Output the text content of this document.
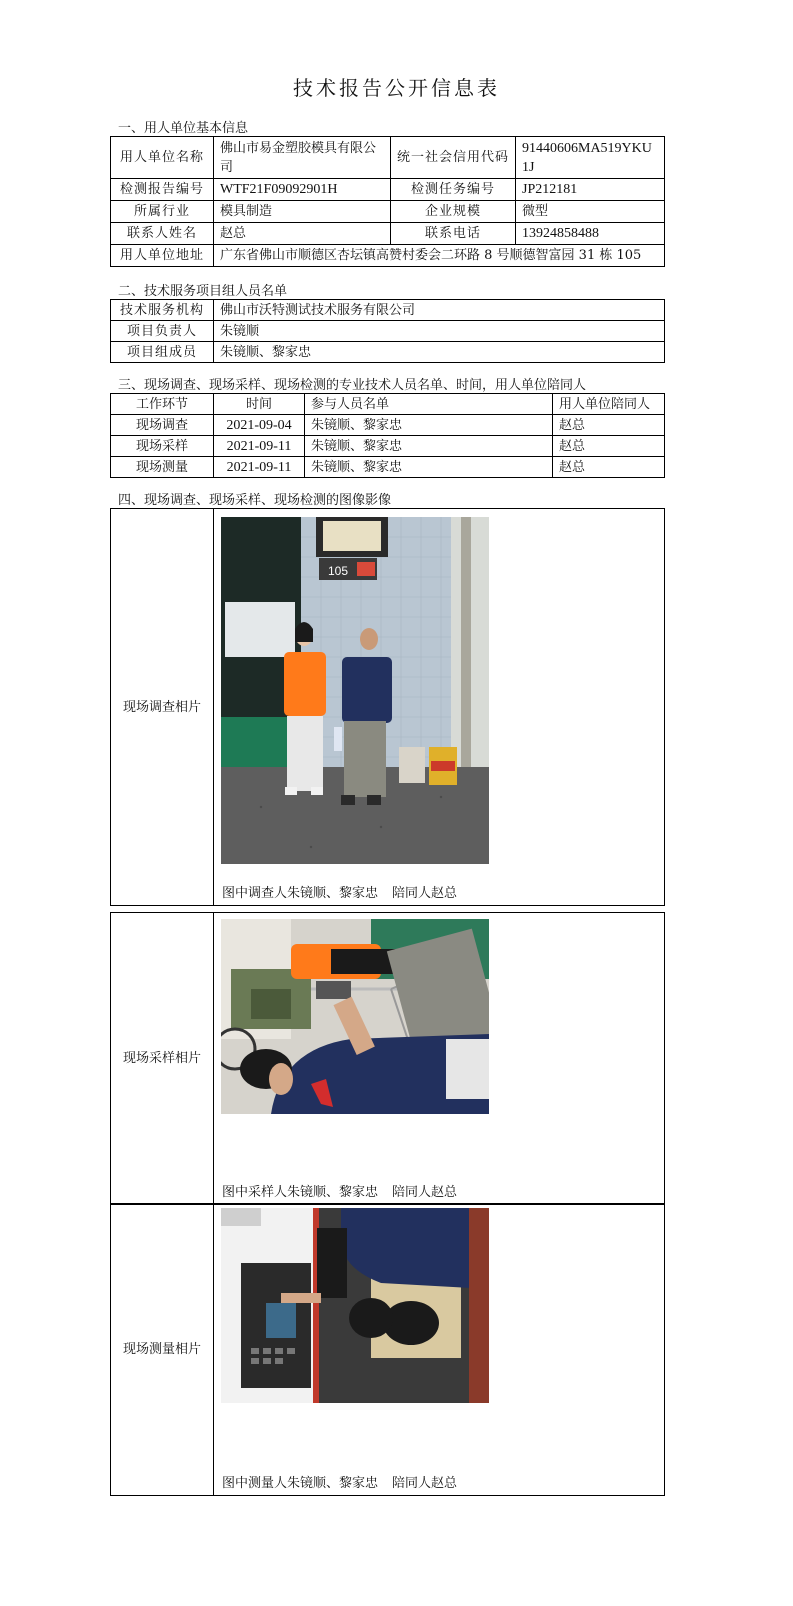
技术报告公开信息表
一、用人单位基本信息
用人单位名称	佛山市易金塑胶模具有限公司	统一社会信用代码	91440606MA519YKU1J
检测报告编号	WTF21F09092901H	检测任务编号	JP212181
所属行业	模具制造	企业规模	微型
联系人姓名	赵总	联系电话	13924858488
用人单位地址	广东省佛山市顺德区杏坛镇高赞村委会二环路 8 号顺德智富园 31 栋 105		
二、技术服务项目组人员名单
技术服务机构	佛山市沃特测试技术服务有限公司
项目负责人	朱镜顺
项目组成员	朱镜顺、黎家忠
三、现场调查、现场采样、现场检测的专业技术人员名单、时间，用人单位陪同人
工作环节	时间	参与人员名单	用人单位陪同人
现场调查	2021-09-04	朱镜顺、黎家忠	赵总
现场采样	2021-09-11	朱镜顺、黎家忠	赵总
现场测量	2021-09-11	朱镜顺、黎家忠	赵总
四、现场调查、现场采样、现场检测的图像影像
现场调查相片	
105
图中调查人朱镜顺、黎家忠 陪同人赵总
现场采样相片	
图中采样人朱镜顺、黎家忠 陪同人赵总
现场测量相片	
图中测量人朱镜顺、黎家忠 陪同人赵总
